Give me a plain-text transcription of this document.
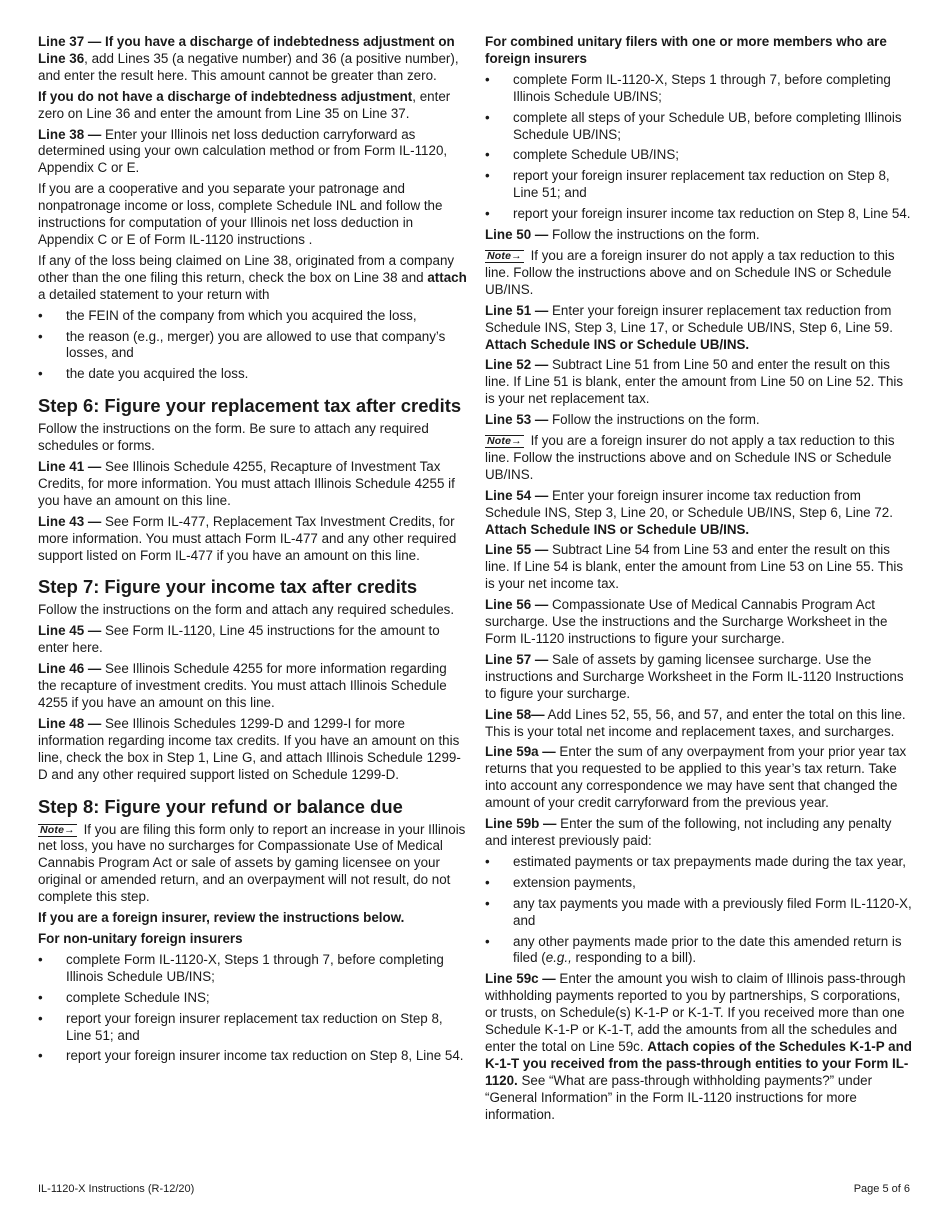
Line 37 — If you have a discharge of indebtedness adjustment on Line 36, add Lines 35 (a negative number) and 36 (a positive number), and enter the result here. This amount cannot be greater than zero.

If you do not have a discharge of indebtedness adjustment, enter zero on Line 36 and enter the amount from Line 35 on Line 37.

Line 38 — Enter your Illinois net loss deduction carryforward as determined using your own calculation method or from Form IL-1120, Appendix C or E.

If you are a cooperative and you separate your patronage and nonpatronage income or loss, complete Schedule INL and follow the instructions for computation of your Illinois net loss deduction in Appendix C or E of Form IL-1120 instructions .

If any of the loss being claimed on Line 38, originated from a company other than the one filing this return, check the box on Line 38 and attach a detailed statement to your return with

• the FEIN of the company from which you acquired the loss,
• the reason (e.g., merger) you are allowed to use that company’s losses, and
• the date you acquired the loss.
Step 6: Figure your replacement tax after credits

Follow the instructions on the form. Be sure to attach any required schedules or forms.

Line 41 — See Illinois Schedule 4255, Recapture of Investment Tax Credits, for more information. You must attach Illinois Schedule 4255 if you have an amount on this line.

Line 43 — See Form IL-477, Replacement Tax Investment Credits, for more information. You must attach Form IL-477 and any other required support listed on Form IL-477 if you have an amount on this line.

Step 7: Figure your income tax after credits

Follow the instructions on the form and attach any required schedules.

Line 45 — See Form IL-1120, Line 45 instructions for the amount to enter here.

Line 46 — See Illinois Schedule 4255 for more information regarding the recapture of investment credits. You must attach Illinois Schedule 4255 if you have an amount on this line.

Line 48 — See Illinois Schedules 1299-D and 1299-I for more information regarding income tax credits. If you have an amount on this line, check the box in Step 1, Line G, and attach Illinois Schedule 1299-D and any other required support listed on Schedule 1299-D.

Step 8: Figure your refund or balance due

Note→ If you are filing this form only to report an increase in your Illinois net loss, you have no surcharges for Compassionate Use of Medical Cannabis Program Act or sale of assets by gaming licensee on your original or amended return, and an overpayment will not result, do not complete this step.

If you are a foreign insurer, review the instructions below.

For non-unitary foreign insurers

• complete Form IL-1120-X, Steps 1 through 7, before completing Illinois Schedule UB/INS;
• complete Schedule INS;
• report your foreign insurer replacement tax reduction on Step 8, Line 51; and
• report your foreign insurer income tax reduction on Step 8, Line 54.

For combined unitary filers with one or more members who are foreign insurers

• complete Form IL-1120-X, Steps 1 through 7, before completing Illinois Schedule UB/INS;
• complete all steps of your Schedule UB, before completing Illinois Schedule UB/INS;
• complete Schedule UB/INS;
• report your foreign insurer replacement tax reduction on Step 8, Line 51; and
• report your foreign insurer income tax reduction on Step 8, Line 54.

Line 50 — Follow the instructions on the form.

Note→ If you are a foreign insurer do not apply a tax reduction to this line. Follow the instructions above and on Schedule INS or Schedule UB/INS.

Line 51 — Enter your foreign insurer replacement tax reduction from Schedule INS, Step 3, Line 17, or Schedule UB/INS, Step 6, Line 59. Attach Schedule INS or Schedule UB/INS.

Line 52 — Subtract Line 51 from Line 50 and enter the result on this line. If Line 51 is blank, enter the amount from Line 50 on Line 52. This is your net replacement tax.

Line 53 — Follow the instructions on the form.

Note→ If you are a foreign insurer do not apply a tax reduction to this line. Follow the instructions above and on Schedule INS or Schedule UB/INS.

Line 54 — Enter your foreign insurer income tax reduction from Schedule INS, Step 3, Line 20, or Schedule UB/INS, Step 6, Line 72. Attach Schedule INS or Schedule UB/INS.

Line 55 — Subtract Line 54 from Line 53 and enter the result on this line. If Line 54 is blank, enter the amount from Line 53 on Line 55. This is your net income tax.

Line 56 — Compassionate Use of Medical Cannabis Program Act surcharge. Use the instructions and the Surcharge Worksheet in the Form IL-1120 instructions to figure your surcharge.

Line 57 — Sale of assets by gaming licensee surcharge. Use the instructions and Surcharge Worksheet in the Form IL-1120 Instructions to figure your surcharge.

Line 58— Add Lines 52, 55, 56, and 57, and enter the total on this line. This is your total net income and replacement taxes, and surcharges.

Line 59a — Enter the sum of any overpayment from your prior year tax returns that you requested to be applied to this year’s tax return. Take into account any correspondence we may have sent that changed the amount of your credit carryforward from the previous year.

Line 59b — Enter the sum of the following, not including any penalty and interest previously paid:

• estimated payments or tax prepayments made during the tax year,
• extension payments,
• any tax payments you made with a previously filed Form IL-1120-X, and
• any other payments made prior to the date this amended return is filed (e.g., responding to a bill).

Line 59c — Enter the amount you wish to claim of Illinois pass-through withholding payments reported to you by partnerships, S corporations, or trusts, on Schedule(s) K-1-P or K-1-T. If you received more than one Schedule K-1-P or K-1-T, add the amounts from all the schedules and enter the total on Line 59c. Attach copies of the Schedules K-1-P and K-1-T you received from the pass-through entities to your Form IL-1120. See “What are pass-through withholding payments?” under “General Information” in the Form IL-1120 instructions for more information.

IL-1120-X Instructions (R-12/20)	Page 5 of 6
